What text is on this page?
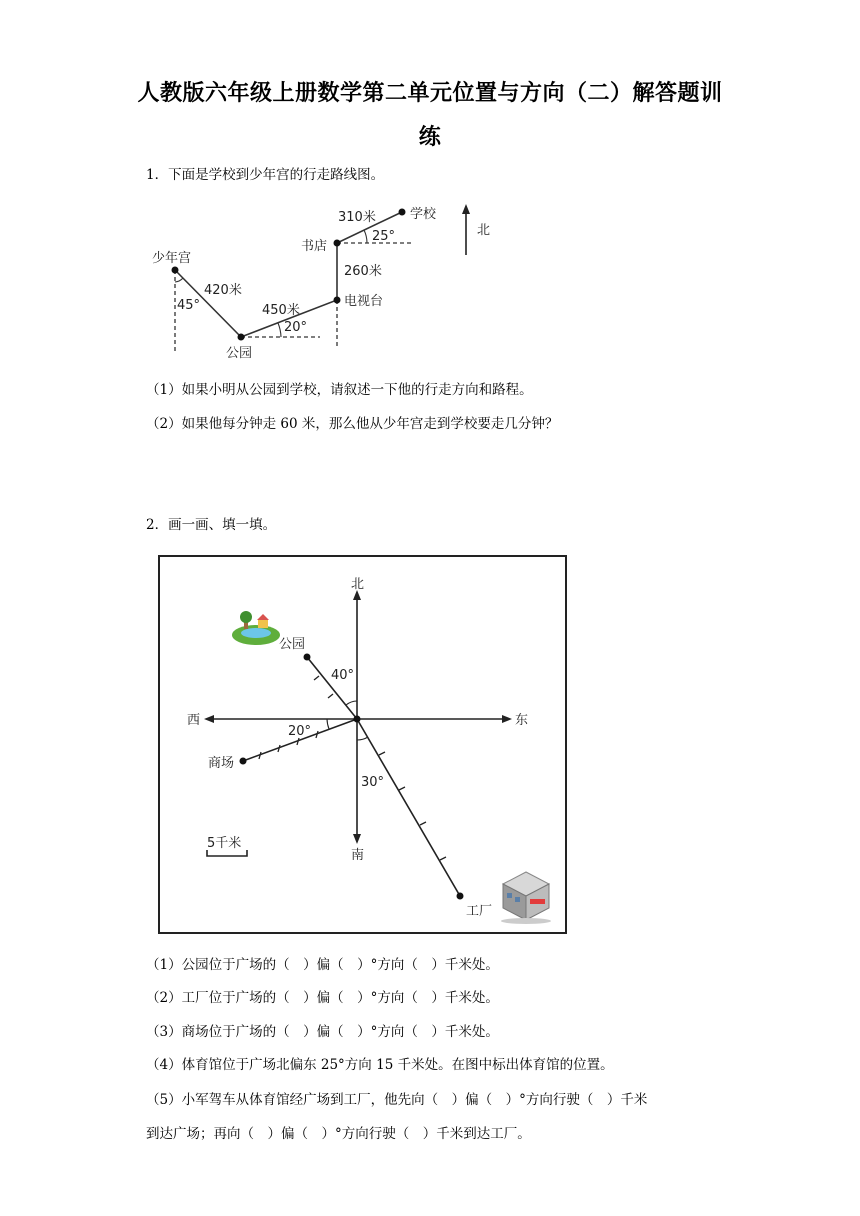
人教版六年级上册数学第二单元位置与方向（二）解答题训
练
1．下面是学校到少年宫的行走路线图。
少年宫
公园
电视台
书店
学校
北
420米
450米
260米
310米
45°
20°
25°
（1）如果小明从公园到学校，请叙述一下他的行走方向和路程。
（2）如果他每分钟走 60 米，那么他从少年宫走到学校要走几分钟？
2．画一画、填一填。
北
南
东
西
公园
商场
工厂
40°
20°
30°
5千米
（1）公园位于广场的（　）偏（　）°方向（　）千米处。
（2）工厂位于广场的（　）偏（　）°方向（　）千米处。
（3）商场位于广场的（　）偏（　）°方向（　）千米处。
（4）体育馆位于广场北偏东 25°方向 15 千米处。在图中标出体育馆的位置。
（5）小军驾车从体育馆经广场到工厂，他先向（　）偏（　）°方向行驶（　）千米
到达广场；再向（　）偏（　）°方向行驶（　）千米到达工厂。
